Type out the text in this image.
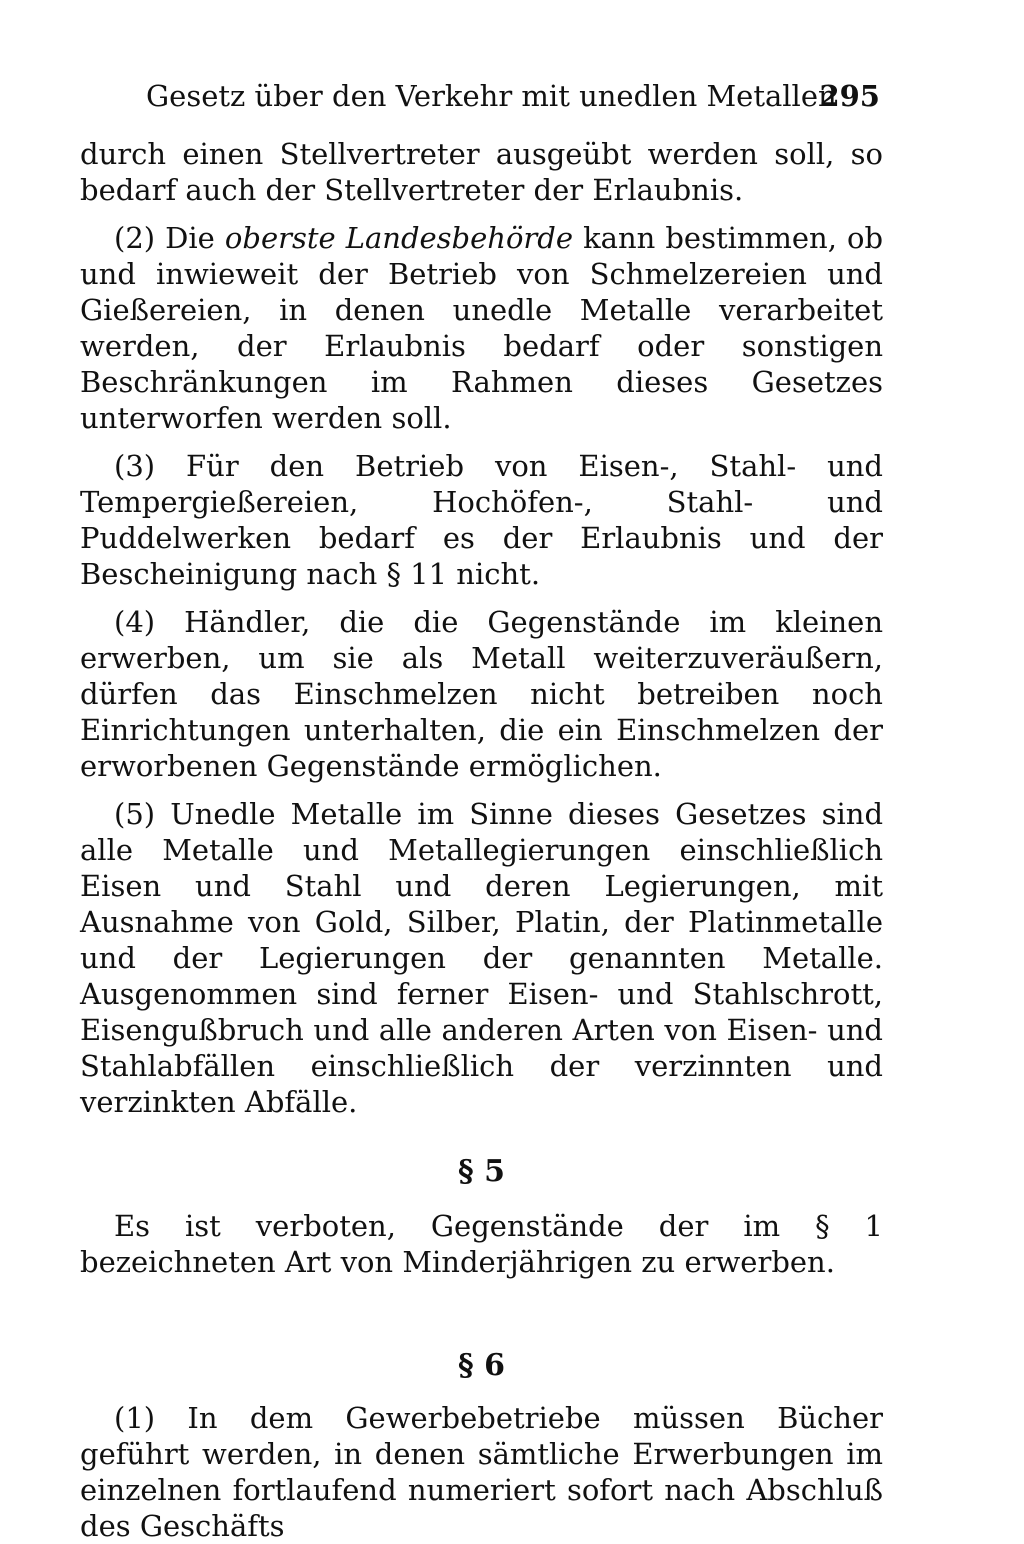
Gesetz über den Verkehr mit unedlen Metallen
295

durch einen Stellvertreter ausgeübt werden soll, so bedarf auch der Stellvertreter der Erlaubnis.

(2) Die oberste Landesbehörde kann bestimmen, ob und inwieweit der Betrieb von Schmelzereien und Gießereien, in denen unedle Metalle verarbeitet werden, der Erlaubnis bedarf oder sonstigen Beschränkungen im Rahmen dieses Gesetzes unterworfen werden soll.

(3) Für den Betrieb von Eisen-, Stahl- und Tempergießereien, Hochöfen-, Stahl- und Puddelwerken bedarf es der Erlaubnis und der Bescheinigung nach § 11 nicht.

(4) Händler, die die Gegenstände im kleinen erwerben, um sie als Metall weiterzuveräußern, dürfen das Einschmelzen nicht betreiben noch Einrichtungen unterhalten, die ein Einschmelzen der erworbenen Gegenstände ermöglichen.

(5) Unedle Metalle im Sinne dieses Gesetzes sind alle Metalle und Metallegierungen einschließlich Eisen und Stahl und deren Legierungen, mit Ausnahme von Gold, Silber, Platin, der Platinmetalle und der Legierungen der genannten Metalle. Ausgenommen sind ferner Eisen- und Stahlschrott, Eisengußbruch und alle anderen Arten von Eisen- und Stahlabfällen einschließlich der verzinnten und verzinkten Abfälle.

§ 5

Es ist verboten, Gegenstände der im § 1 bezeichneten Art von Minderjährigen zu erwerben.

§ 6

(1) In dem Gewerbebetriebe müssen Bücher geführt werden, in denen sämtliche Erwerbungen im einzelnen fortlaufend numeriert sofort nach Abschluß des Geschäfts
